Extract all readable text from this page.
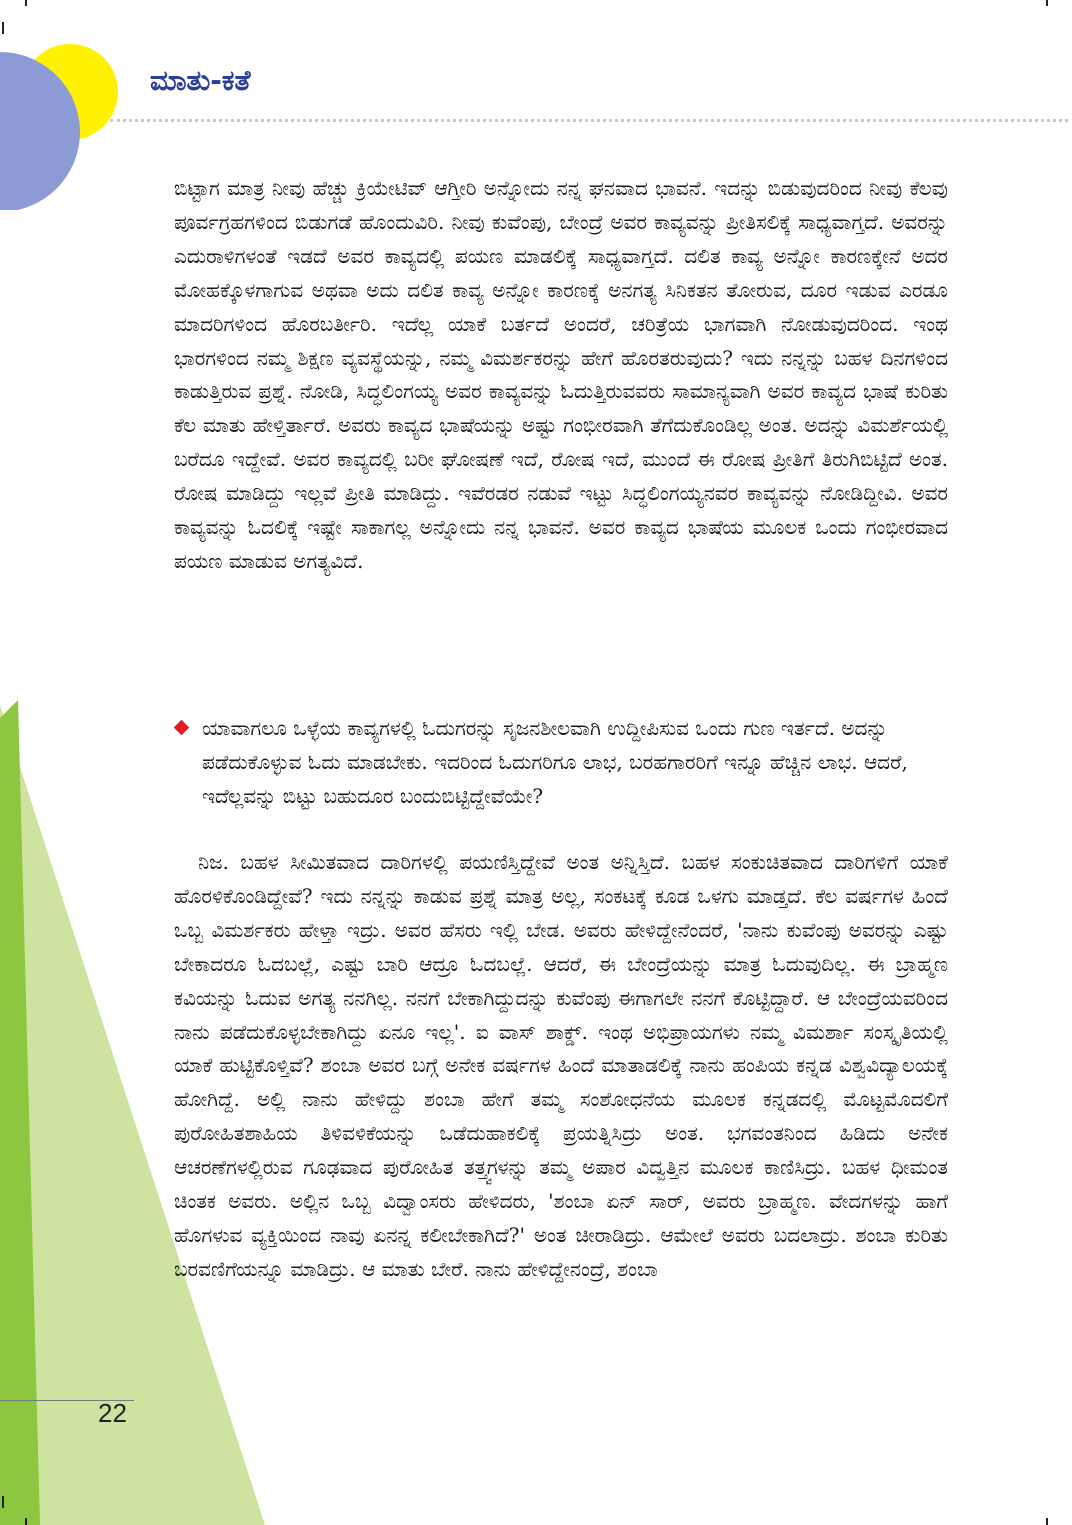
ಮಾತು-ಕತೆ

ಬಿಟ್ಟಾಗ ಮಾತ್ರ ನೀವು ಹೆಚ್ಚು ಕ್ರಿಯೇಟಿವ್ ಆಗ್ತೀರಿ ಅನ್ನೋದು ನನ್ನ ಘನವಾದ ಭಾವನೆ. ಇದನ್ನು ಬಿಡುವುದರಿಂದ ನೀವು ಕೆಲವು ಪೂರ್ವಗ್ರಹಗಳಿಂದ ಬಿಡುಗಡೆ ಹೊಂದುವಿರಿ. ನೀವು ಕುವೆಂಪು, ಬೇಂದ್ರೆ ಅವರ ಕಾವ್ಯವನ್ನು ಪ್ರೀತಿಸಲಿಕ್ಕೆ ಸಾಧ್ಯವಾಗ್ತದೆ. ಅವರನ್ನು ಎದುರಾಳಿಗಳಂತೆ ಇಡದೆ ಅವರ ಕಾವ್ಯದಲ್ಲಿ ಪಯಣ ಮಾಡಲಿಕ್ಕೆ ಸಾಧ್ಯವಾಗ್ತದೆ. ದಲಿತ ಕಾವ್ಯ ಅನ್ನೋ ಕಾರಣಕ್ಕೇನೆ ಅದರ ಮೋಹಕ್ಕೊಳಗಾಗುವ ಅಥವಾ ಅದು ದಲಿತ ಕಾವ್ಯ ಅನ್ನೋ ಕಾರಣಕ್ಕೆ ಅನಗತ್ಯ ಸಿನಿಕತನ ತೋರುವ, ದೂರ ಇಡುವ ಎರಡೂ ಮಾದರಿಗಳಿಂದ ಹೊರಬರ್ತೀರಿ. ಇದೆಲ್ಲ ಯಾಕೆ ಬರ್ತದೆ ಅಂದರೆ, ಚರಿತ್ರೆಯ ಭಾಗವಾಗಿ ನೋಡುವುದರಿಂದ. ಇಂಥ ಭಾರಗಳಿಂದ ನಮ್ಮ ಶಿಕ್ಷಣ ವ್ಯವಸ್ಥೆಯನ್ನು, ನಮ್ಮ ವಿಮರ್ಶಕರನ್ನು ಹೇಗೆ ಹೊರತರುವುದು? ಇದು ನನ್ನನ್ನು ಬಹಳ ದಿನಗಳಿಂದ ಕಾಡುತ್ತಿರುವ ಪ್ರಶ್ನೆ. ನೋಡಿ, ಸಿದ್ಧಲಿಂಗಯ್ಯ ಅವರ ಕಾವ್ಯವನ್ನು ಓದುತ್ತಿರುವವರು ಸಾಮಾನ್ಯವಾಗಿ ಅವರ ಕಾವ್ಯದ ಭಾಷೆ ಕುರಿತು ಕೆಲ ಮಾತು ಹೇಳ್ತಿರ್ತಾರೆ. ಅವರು ಕಾವ್ಯದ ಭಾಷೆಯನ್ನು ಅಷ್ಟು ಗಂಭೀರವಾಗಿ ತೆಗೆದುಕೊಂಡಿಲ್ಲ ಅಂತ. ಅದನ್ನು ವಿಮರ್ಶೆಯಲ್ಲಿ ಬರೆದೂ ಇದ್ದೇವೆ. ಅವರ ಕಾವ್ಯದಲ್ಲಿ ಬರೀ ಘೋಷಣೆ ಇದೆ, ರೋಷ ಇದೆ, ಮುಂದೆ ಈ ರೋಷ ಪ್ರೀತಿಗೆ ತಿರುಗಿಬಿಟ್ಟಿದೆ ಅಂತ. ರೋಷ ಮಾಡಿದ್ದು ಇಲ್ಲವೆ ಪ್ರೀತಿ ಮಾಡಿದ್ದು. ಇವೆರಡರ ನಡುವೆ ಇಟ್ಟು ಸಿದ್ಧಲಿಂಗಯ್ಯನವರ ಕಾವ್ಯವನ್ನು ನೋಡಿದ್ದೀವಿ. ಅವರ ಕಾವ್ಯವನ್ನು ಓದಲಿಕ್ಕೆ ಇಷ್ಟೇ ಸಾಕಾಗಲ್ಲ ಅನ್ನೋದು ನನ್ನ ಭಾವನೆ. ಅವರ ಕಾವ್ಯದ ಭಾಷೆಯ ಮೂಲಕ ಒಂದು ಗಂಭೀರವಾದ ಪಯಣ ಮಾಡುವ ಅಗತ್ಯವಿದೆ.

ಯಾವಾಗಲೂ ಒಳ್ಳೆಯ ಕಾವ್ಯಗಳಲ್ಲಿ ಓದುಗರನ್ನು ಸೃಜನಶೀಲವಾಗಿ ಉದ್ದೀಪಿಸುವ ಒಂದು ಗುಣ ಇರ್ತದೆ. ಅದನ್ನು ಪಡೆದುಕೊಳ್ಳುವ ಓದು ಮಾಡಬೇಕು. ಇದರಿಂದ ಓದುಗರಿಗೂ ಲಾಭ, ಬರಹಗಾರರಿಗೆ ಇನ್ನೂ ಹೆಚ್ಚಿನ ಲಾಭ. ಆದರೆ, ಇದೆಲ್ಲವನ್ನು ಬಿಟ್ಟು ಬಹುದೂರ ಬಂದುಬಿಟ್ಟಿದ್ದೇವೆಯೇ?

ನಿಜ. ಬಹಳ ಸೀಮಿತವಾದ ದಾರಿಗಳಲ್ಲಿ ಪಯಣಿಸ್ತಿದ್ದೇವೆ ಅಂತ ಅನ್ನಿಸ್ತಿದೆ. ಬಹಳ ಸಂಕುಚಿತವಾದ ದಾರಿಗಳಿಗೆ ಯಾಕೆ ಹೊರಳಿಕೊಂಡಿದ್ದೇವೆ? ಇದು ನನ್ನನ್ನು ಕಾಡುವ ಪ್ರಶ್ನೆ ಮಾತ್ರ ಅಲ್ಲ, ಸಂಕಟಕ್ಕೆ ಕೂಡ ಒಳಗು ಮಾಡ್ತದೆ. ಕೆಲ ವರ್ಷಗಳ ಹಿಂದೆ ಒಬ್ಬ ವಿಮರ್ಶಕರು ಹೇಳ್ತಾ ಇದ್ರು. ಅವರ ಹೆಸರು ಇಲ್ಲಿ ಬೇಡ. ಅವರು ಹೇಳಿದ್ದೇನೆಂದರೆ, 'ನಾನು ಕುವೆಂಪು ಅವರನ್ನು ಎಷ್ಟು ಬೇಕಾದರೂ ಓದಬಲ್ಲೆ, ಎಷ್ಟು ಬಾರಿ ಆದ್ರೂ ಓದಬಲ್ಲೆ. ಆದರೆ, ಈ ಬೇಂದ್ರೆಯನ್ನು ಮಾತ್ರ ಓದುವುದಿಲ್ಲ. ಈ ಬ್ರಾಹ್ಮಣ ಕವಿಯನ್ನು ಓದುವ ಅಗತ್ಯ ನನಗಿಲ್ಲ. ನನಗೆ ಬೇಕಾಗಿದ್ದುದನ್ನು ಕುವೆಂಪು ಈಗಾಗಲೇ ನನಗೆ ಕೊಟ್ಟಿದ್ದಾರೆ. ಆ ಬೇಂದ್ರೆಯವರಿಂದ ನಾನು ಪಡೆದುಕೊಳ್ಳಬೇಕಾಗಿದ್ದು ಏನೂ ಇಲ್ಲ'. ಐ ವಾಸ್ ಶಾಕ್ಡ್. ಇಂಥ ಅಭಿಪ್ರಾಯಗಳು ನಮ್ಮ ವಿಮರ್ಶಾ ಸಂಸ್ಕೃತಿಯಲ್ಲಿ ಯಾಕೆ ಹುಟ್ಟಿಕೊಳ್ತಿವೆ? ಶಂಬಾ ಅವರ ಬಗ್ಗೆ ಅನೇಕ ವರ್ಷಗಳ ಹಿಂದೆ ಮಾತಾಡಲಿಕ್ಕೆ ನಾನು ಹಂಪಿಯ ಕನ್ನಡ ವಿಶ್ವವಿದ್ಯಾಲಯಕ್ಕೆ ಹೋಗಿದ್ದೆ. ಅಲ್ಲಿ ನಾನು ಹೇಳಿದ್ದು ಶಂಬಾ ಹೇಗೆ ತಮ್ಮ ಸಂಶೋಧನೆಯ ಮೂಲಕ ಕನ್ನಡದಲ್ಲಿ ಮೊಟ್ಟಮೊದಲಿಗೆ ಪುರೋಹಿತಶಾಹಿಯ ತಿಳಿವಳಿಕೆಯನ್ನು ಒಡೆದುಹಾಕಲಿಕ್ಕೆ ಪ್ರಯತ್ನಿಸಿದ್ರು ಅಂತ. ಭಗವಂತನಿಂದ ಹಿಡಿದು ಅನೇಕ ಆಚರಣೆಗಳಲ್ಲಿರುವ ಗೂಢವಾದ ಪುರೋಹಿತ ತತ್ತ್ವಗಳನ್ನು ತಮ್ಮ ಅಪಾರ ವಿದ್ವತ್ತಿನ ಮೂಲಕ ಕಾಣಿಸಿದ್ರು. ಬಹಳ ಧೀಮಂತ ಚಿಂತಕ ಅವರು. ಅಲ್ಲಿನ ಒಬ್ಬ ವಿದ್ವಾಂಸರು ಹೇಳಿದರು, 'ಶಂಬಾ ಏನ್ ಸಾರ್, ಅವರು ಬ್ರಾಹ್ಮಣ. ವೇದಗಳನ್ನು ಹಾಗೆ ಹೊಗಳುವ ವ್ಯಕ್ತಿಯಿಂದ ನಾವು ಏನನ್ನ ಕಲೀಬೇಕಾಗಿದೆ?' ಅಂತ ಚೀರಾಡಿದ್ರು. ಆಮೇಲೆ ಅವರು ಬದಲಾದ್ರು. ಶಂಬಾ ಕುರಿತು ಬರವಣಿಗೆಯನ್ನೂ ಮಾಡಿದ್ರು. ಆ ಮಾತು ಬೇರೆ. ನಾನು ಹೇಳಿದ್ದೇನಂದ್ರೆ, ಶಂಬಾ

22
